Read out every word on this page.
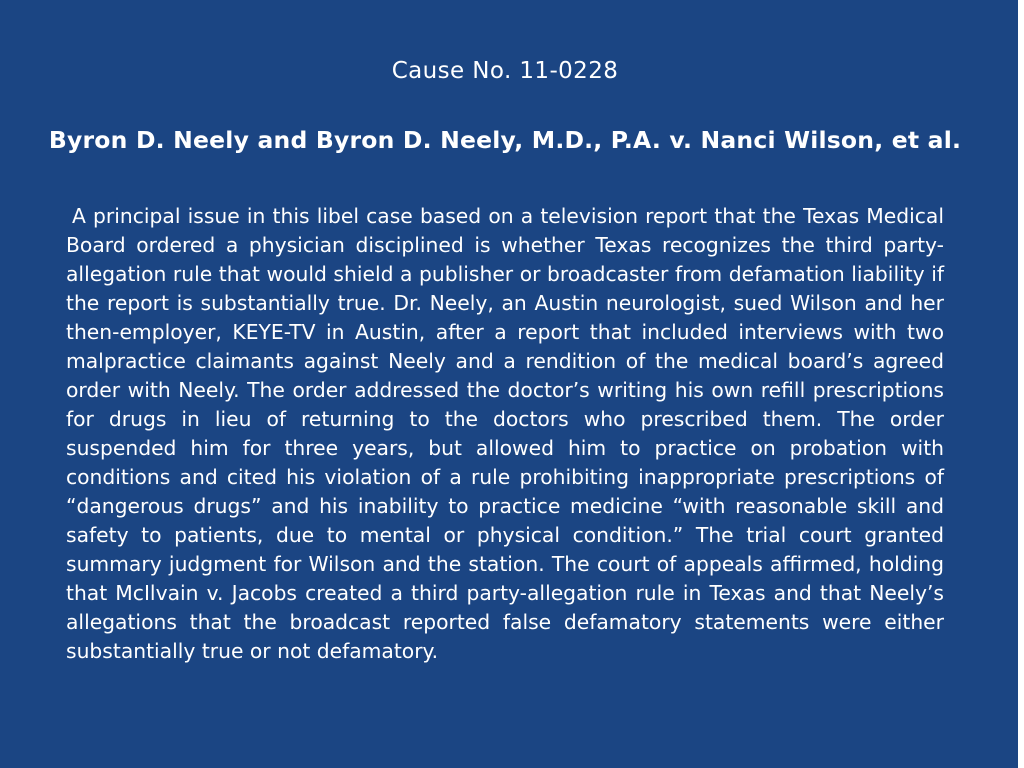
Cause No. 11-0228
Byron D. Neely and Byron D. Neely, M.D., P.A. v. Nanci Wilson, et al.

A principal issue in this libel case based on a television report that the Texas Medical Board ordered a physician disciplined is whether Texas recognizes the third party-allegation rule that would shield a publisher or broadcaster from defamation liability if the report is substantially true. Dr. Neely, an Austin neurologist, sued Wilson and her then-employer, KEYE-TV in Austin, after a report that included interviews with two malpractice claimants against Neely and a rendition of the medical board’s agreed order with Neely. The order addressed the doctor’s writing his own refill prescriptions for drugs in lieu of returning to the doctors who prescribed them. The order suspended him for three years, but allowed him to practice on probation with conditions and cited his violation of a rule prohibiting inappropriate prescriptions of “dangerous drugs” and his inability to practice medicine “with reasonable skill and safety to patients, due to mental or physical condition.” The trial court granted summary judgment for Wilson and the station. The court of appeals affirmed, holding that McIlvain v. Jacobs created a third party-allegation rule in Texas and that Neely’s allegations that the broadcast reported false defamatory statements were either substantially true or not defamatory.
